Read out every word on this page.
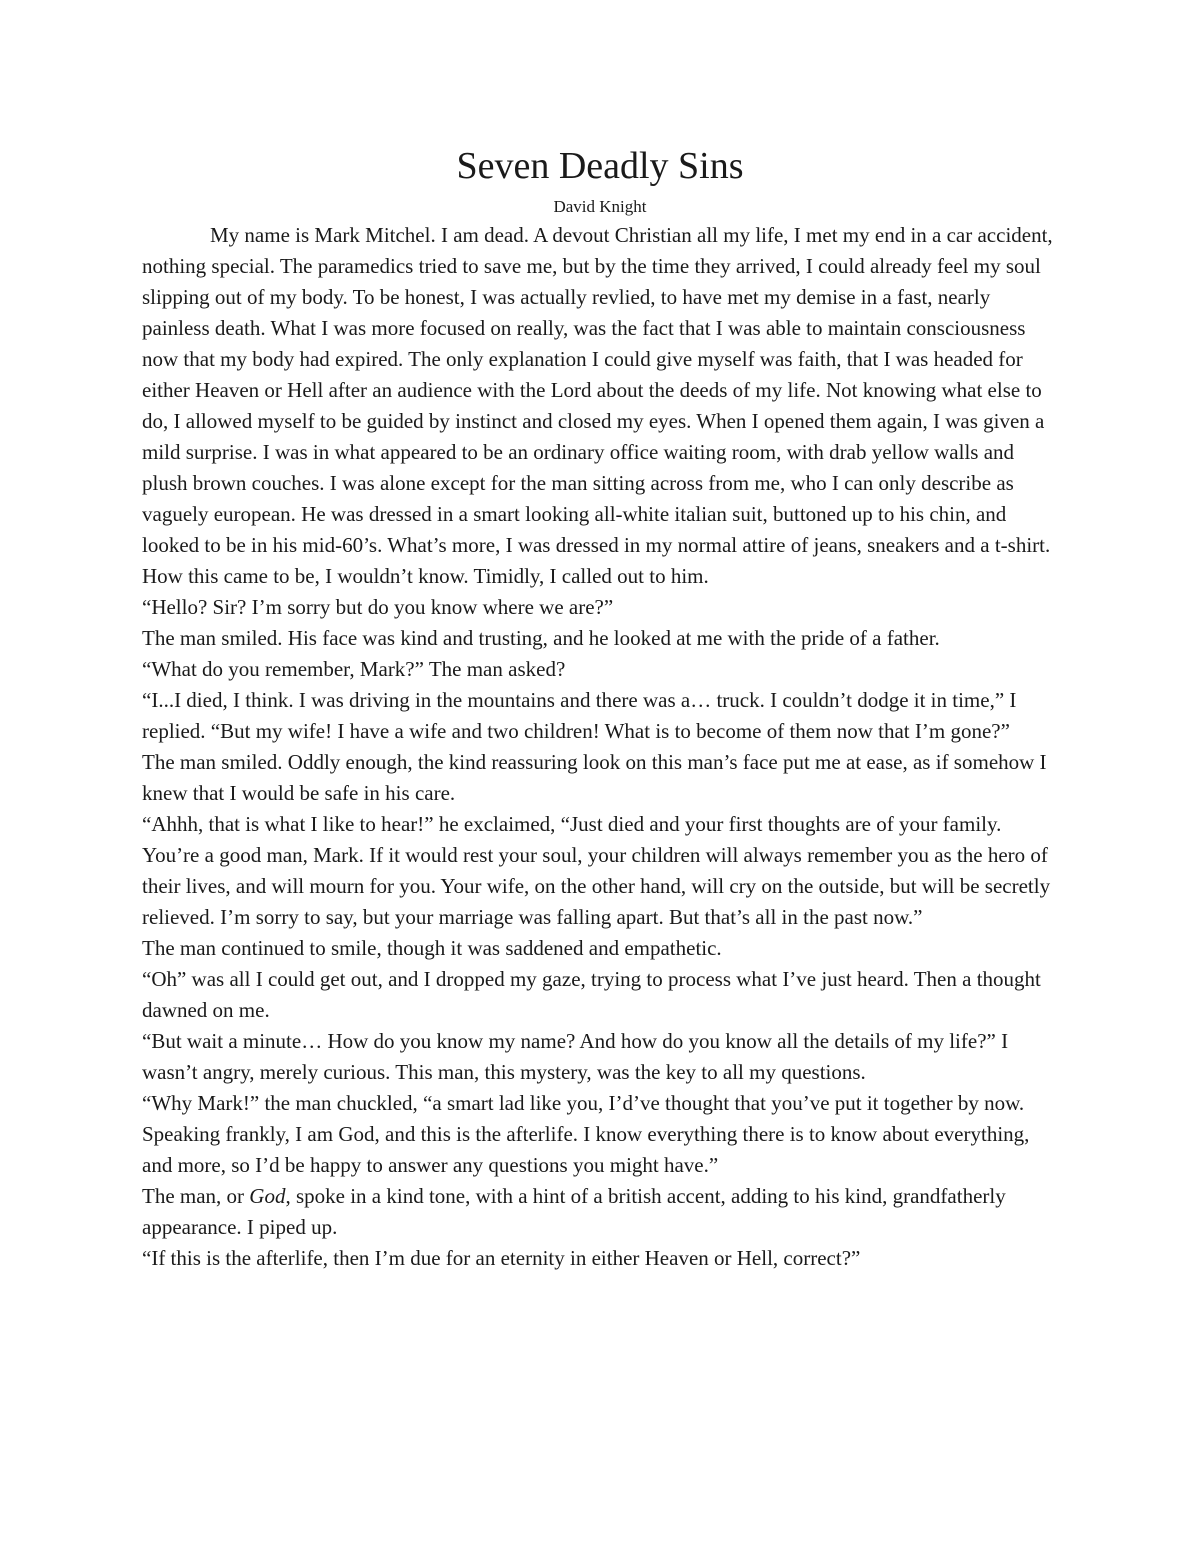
Seven Deadly Sins

David Knight

My name is Mark Mitchel. I am dead. A devout Christian all my life, I met my end in a car accident, nothing special. The paramedics tried to save me, but by the time they arrived, I could already feel my soul slipping out of my body. To be honest, I was actually revlied, to have met my demise in a fast, nearly painless death. What I was more focused on really, was the fact that I was able to maintain consciousness now that my body had expired. The only explanation I could give myself was faith, that I was headed for either Heaven or Hell after an audience with the Lord about the deeds of my life. Not knowing what else to do, I allowed myself to be guided by instinct and closed my eyes. When I opened them again, I was given a mild surprise. I was in what appeared to be an ordinary office waiting room, with drab yellow walls and plush brown couches. I was alone except for the man sitting across from me, who I can only describe as vaguely european. He was dressed in a smart looking all-white italian suit, buttoned up to his chin, and looked to be in his mid-60’s. What’s more, I was dressed in my normal attire of jeans, sneakers and a t-shirt. How this came to be, I wouldn’t know. Timidly, I called out to him.

“Hello? Sir? I’m sorry but do you know where we are?”

The man smiled. His face was kind and trusting, and he looked at me with the pride of a father.

“What do you remember, Mark?” The man asked?

“I...I died, I think. I was driving in the mountains and there was a… truck. I couldn’t dodge it in time,” I replied. “But my wife! I have a wife and two children! What is to become of them now that I’m gone?”

The man smiled. Oddly enough, the kind reassuring look on this man’s face put me at ease, as if somehow I knew that I would be safe in his care.

“Ahhh, that is what I like to hear!” he exclaimed, “Just died and your first thoughts are of your family. You’re a good man, Mark. If it would rest your soul, your children will always remember you as the hero of their lives, and will mourn for you. Your wife, on the other hand, will cry on the outside, but will be secretly relieved. I’m sorry to say, but your marriage was falling apart. But that’s all in the past now.”

The man continued to smile, though it was saddened and empathetic.

“Oh” was all I could get out, and I dropped my gaze, trying to process what I’ve just heard. Then a thought dawned on me.

“But wait a minute… How do you know my name? And how do you know all the details of my life?” I wasn’t angry, merely curious. This man, this mystery, was the key to all my questions.

“Why Mark!” the man chuckled, “a smart lad like you, I’d’ve thought that you’ve put it together by now. Speaking frankly, I am God, and this is the afterlife. I know everything there is to know about everything, and more, so I’d be happy to answer any questions you might have.”

The man, or God, spoke in a kind tone, with a hint of a british accent, adding to his kind, grandfatherly appearance. I piped up.

“If this is the afterlife, then I’m due for an eternity in either Heaven or Hell, correct?”
